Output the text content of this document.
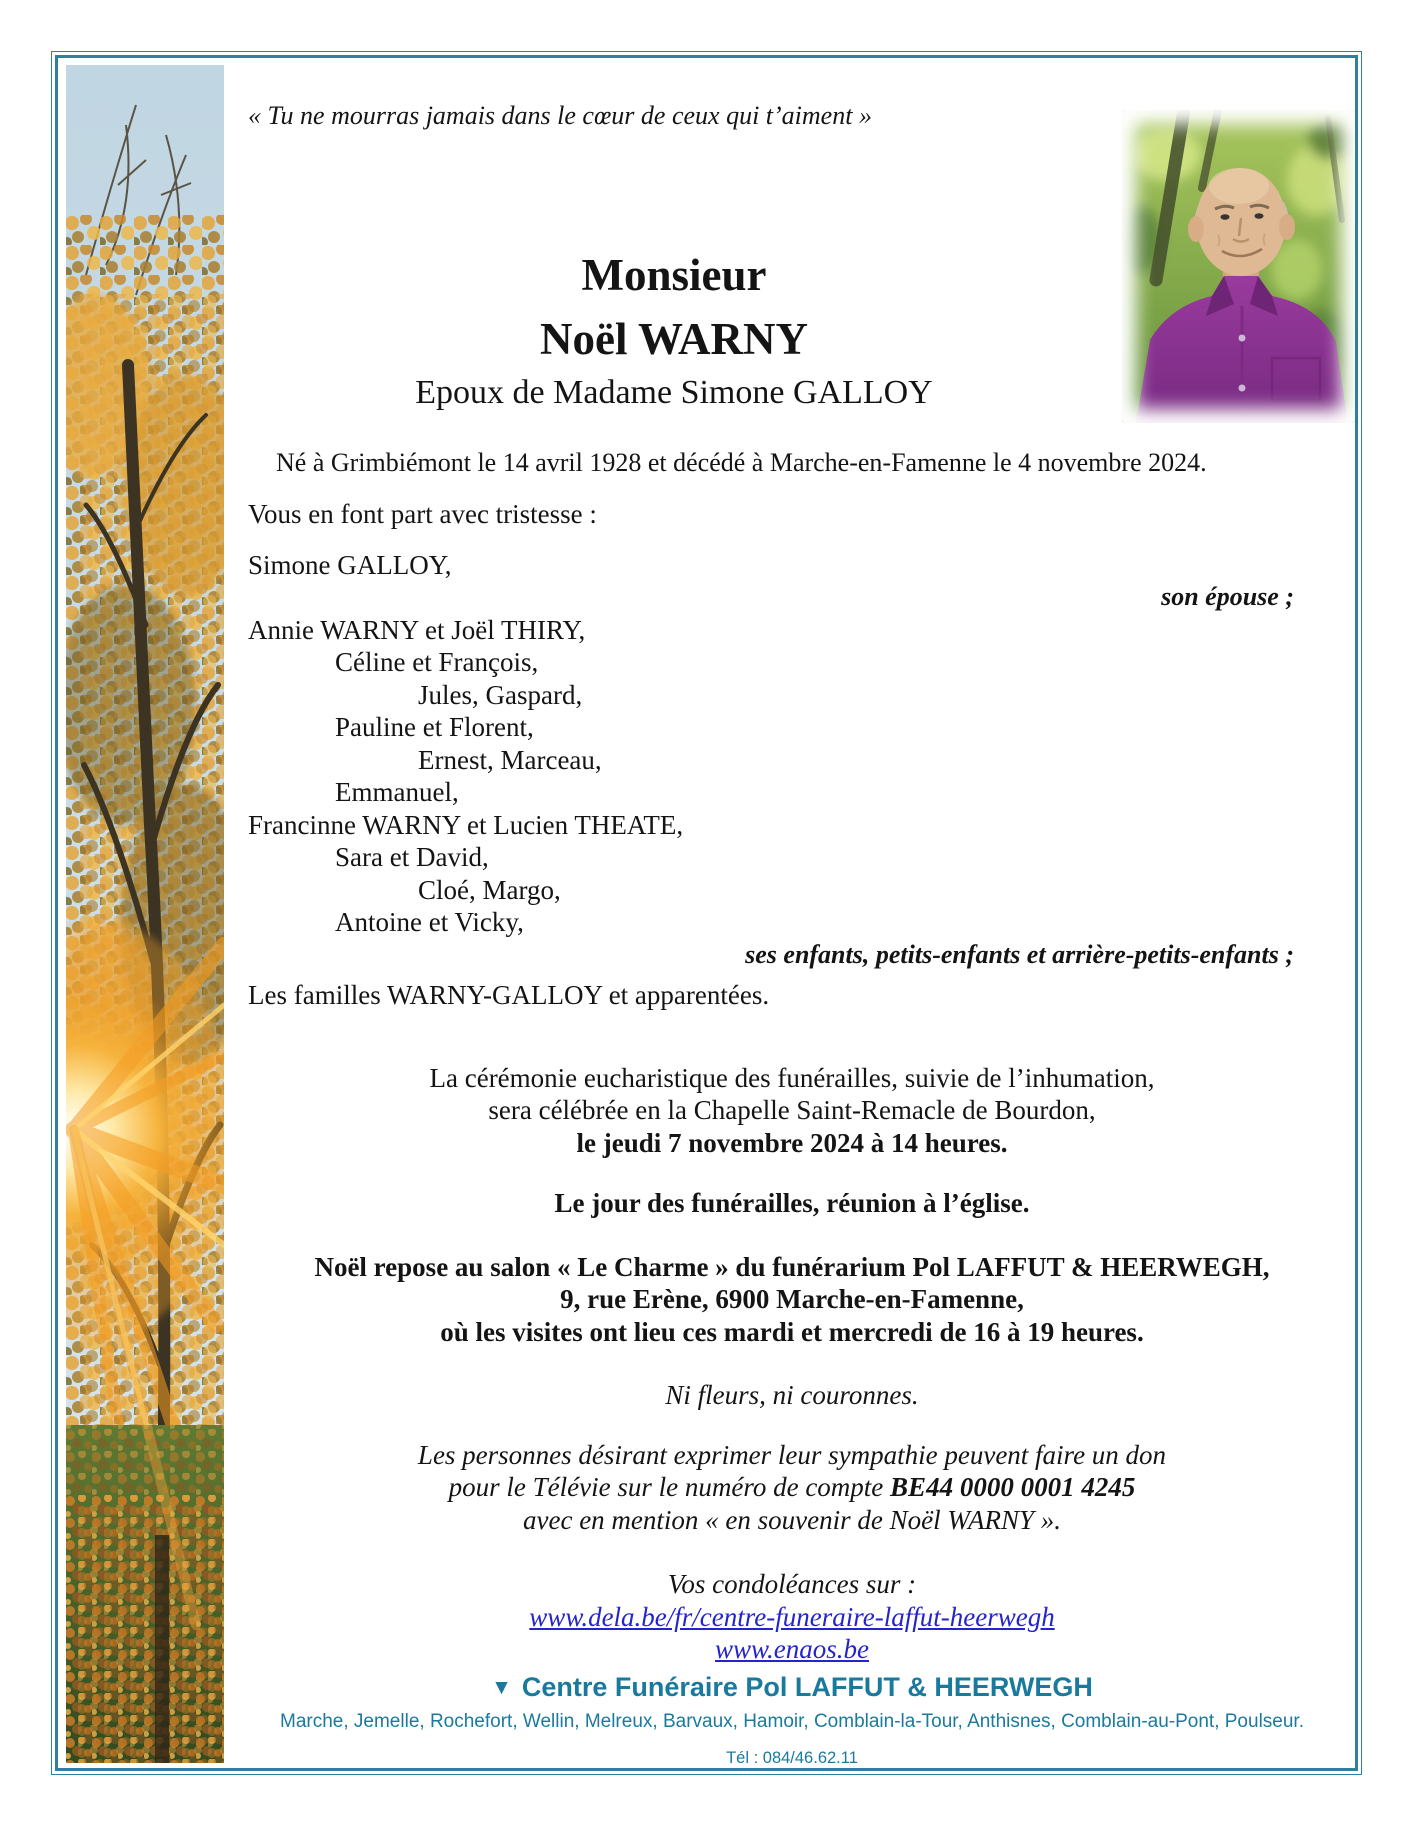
« Tu ne mourras jamais dans le cœur de ceux qui t’aiment »
Monsieur
Noël WARNY
Epoux de Madame Simone GALLOY
Né à Grimbiémont le 14 avril 1928 et décédé à Marche-en-Famenne le 4 novembre 2024.
Vous en font part avec tristesse :
Simone GALLOY,
son épouse ;
Annie WARNY et Joël THIRY,
Céline et François,
Jules, Gaspard,
Pauline et Florent,
Ernest, Marceau,
Emmanuel,
Francinne WARNY et Lucien THEATE,
Sara et David,
Cloé, Margo,
Antoine et Vicky,
ses enfants, petits-enfants et arrière-petits-enfants ;
Les familles WARNY-GALLOY et apparentées.
La cérémonie eucharistique des funérailles, suivie de l’inhumation,
sera célébrée en la Chapelle Saint-Remacle de Bourdon,
le jeudi 7 novembre 2024 à 14 heures.
Le jour des funérailles, réunion à l’église.
Noël repose au salon « Le Charme » du funérarium Pol LAFFUT & HEERWEGH,
9, rue Erène, 6900 Marche-en-Famenne,
où les visites ont lieu ces mardi et mercredi de 16 à 19 heures.
Ni fleurs, ni couronnes.
Les personnes désirant exprimer leur sympathie peuvent faire un don
pour le Télévie sur le numéro de compte BE44 0000 0001 4245
avec en mention « en souvenir de Noël WARNY ».
Vos condoléances sur :
www.dela.be/fr/centre-funeraire-laffut-heerwegh
www.enaos.be
▼ Centre Funéraire Pol LAFFUT & HEERWEGH
Marche, Jemelle, Rochefort, Wellin, Melreux, Barvaux, Hamoir, Comblain-la-Tour, Anthisnes, Comblain-au-Pont, Poulseur.
Tél : 084/46.62.11
